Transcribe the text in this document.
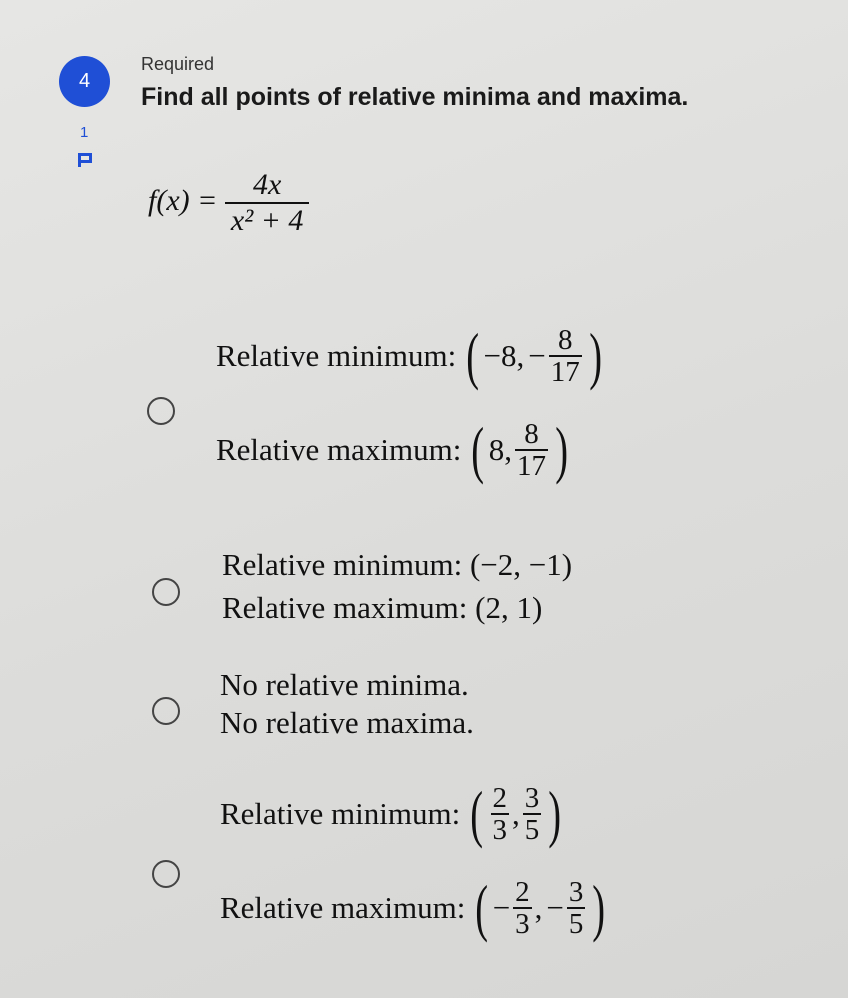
4
1
Required
Find all points of relative minima and maxima.
$f(x) = \frac{4x}{\text{x² + 4}}$
Relative minimum: ( −8, − $\frac{8}{17}$ )
Relative maximum: ( 8, 8
17 )
Relative minimum: (−2, −1)
Relative maximum: (2, 1)
No relative minima.
No relative maxima.
Relative minimum: ( 2
3 , 3
5 )
Relative maximum: ( − $\frac{2}{3}$ , − $\frac{3}{5}$ )
